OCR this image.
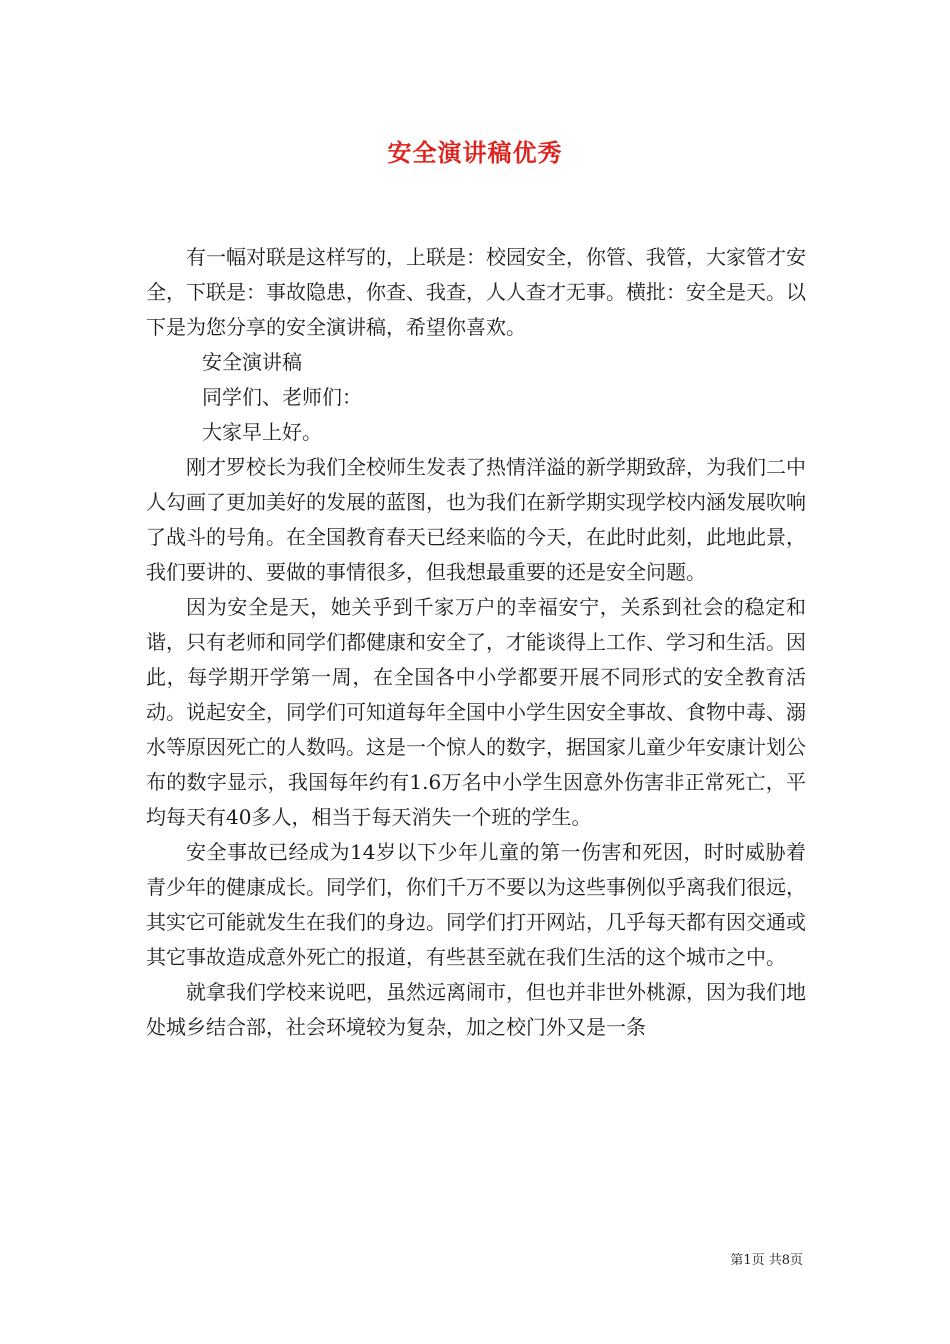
安全演讲稿优秀

有一幅对联是这样写的，上联是：校园安全，你管、我管，大家管才安全，下联是：事故隐患，你查、我查，人人查才无事。横批：安全是天。以下是为您分享的安全演讲稿，希望你喜欢。

安全演讲稿

同学们、老师们：

大家早上好。

刚才罗校长为我们全校师生发表了热情洋溢的新学期致辞，为我们二中人勾画了更加美好的发展的蓝图，也为我们在新学期实现学校内涵发展吹响了战斗的号角。在全国教育春天已经来临的今天，在此时此刻，此地此景，我们要讲的、要做的事情很多，但我想最重要的还是安全问题。

因为安全是天，她关乎到千家万户的幸福安宁，关系到社会的稳定和谐，只有老师和同学们都健康和安全了，才能谈得上工作、学习和生活。因此，每学期开学第一周，在全国各中小学都要开展不同形式的安全教育活动。说起安全，同学们可知道每年全国中小学生因安全事故、食物中毒、溺水等原因死亡的人数吗。这是一个惊人的数字，据国家儿童少年安康计划公布的数字显示，我国每年约有1.6万名中小学生因意外伤害非正常死亡，平均每天有40多人，相当于每天消失一个班的学生。

安全事故已经成为14岁以下少年儿童的第一伤害和死因，时时威胁着青少年的健康成长。同学们，你们千万不要以为这些事例似乎离我们很远，其实它可能就发生在我们的身边。同学们打开网站，几乎每天都有因交通或其它事故造成意外死亡的报道，有些甚至就在我们生活的这个城市之中。

就拿我们学校来说吧，虽然远离闹市，但也并非世外桃源，因为我们地处城乡结合部，社会环境较为复杂，加之校门外又是一条

第1页 共8页
